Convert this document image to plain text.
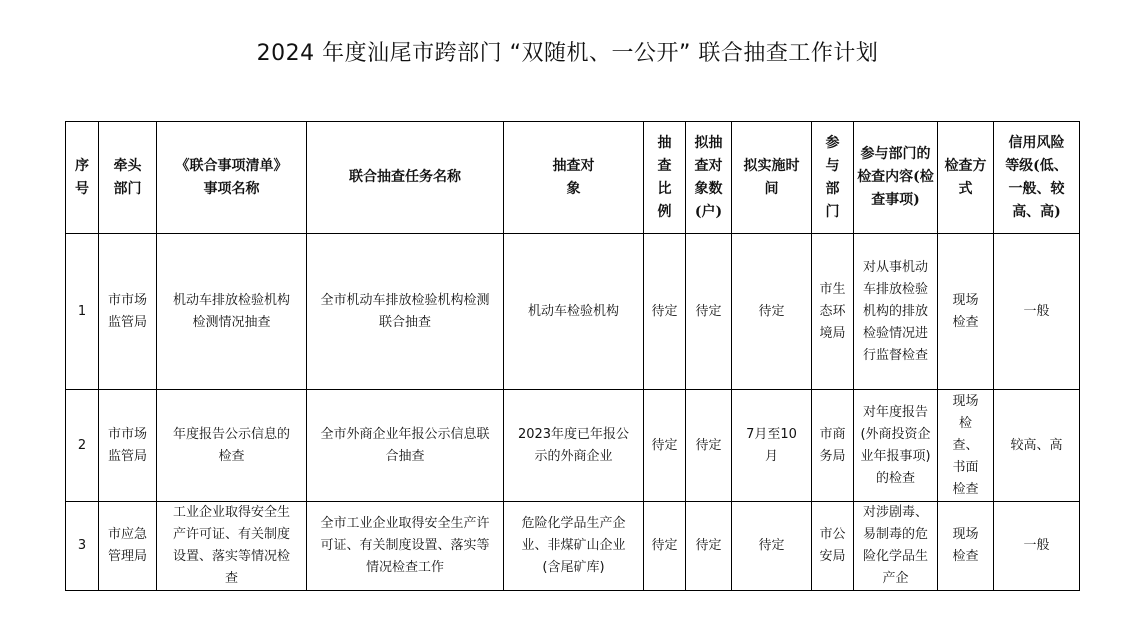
2024 年度汕尾市跨部门 “双随机、一公开” 联合抽查工作计划
序号	牵头部门	《联合事项清单》事项名称	联合抽查任务名称	抽查对象	抽查比例	拟抽查对象数(户)	拟实施时间	参与部门	参与部门的检查内容(检查事项)	检查方式	信用风险等级(低、一般、较高、高)
1	市市场监管局	机动车排放检验机构检测情况抽查	全市机动车排放检验机构检测联合抽查	机动车检验机构	待定	待定	待定	市生态环境局	对从事机动车排放检验机构的排放检验情况进行监督检查	现场检查	一般
2	市市场监管局	年度报告公示信息的检查	全市外商企业年报公示信息联合抽查	2023年度已年报公示的外商企业	待定	待定	7月至10月	市商务局	对年度报告(外商投资企业年报事项)的检查	现场检查、书面检查	较高、高
3	市应急管理局	工业企业取得安全生产许可证、有关制度设置、落实等情况检查	全市工业企业取得安全生产许可证、有关制度设置、落实等情况检查工作	危险化学品生产企业、非煤矿山企业(含尾矿库)	待定	待定	待定	市公安局	对涉剧毒、易制毒的危险化学品生产企	现场检查	一般
